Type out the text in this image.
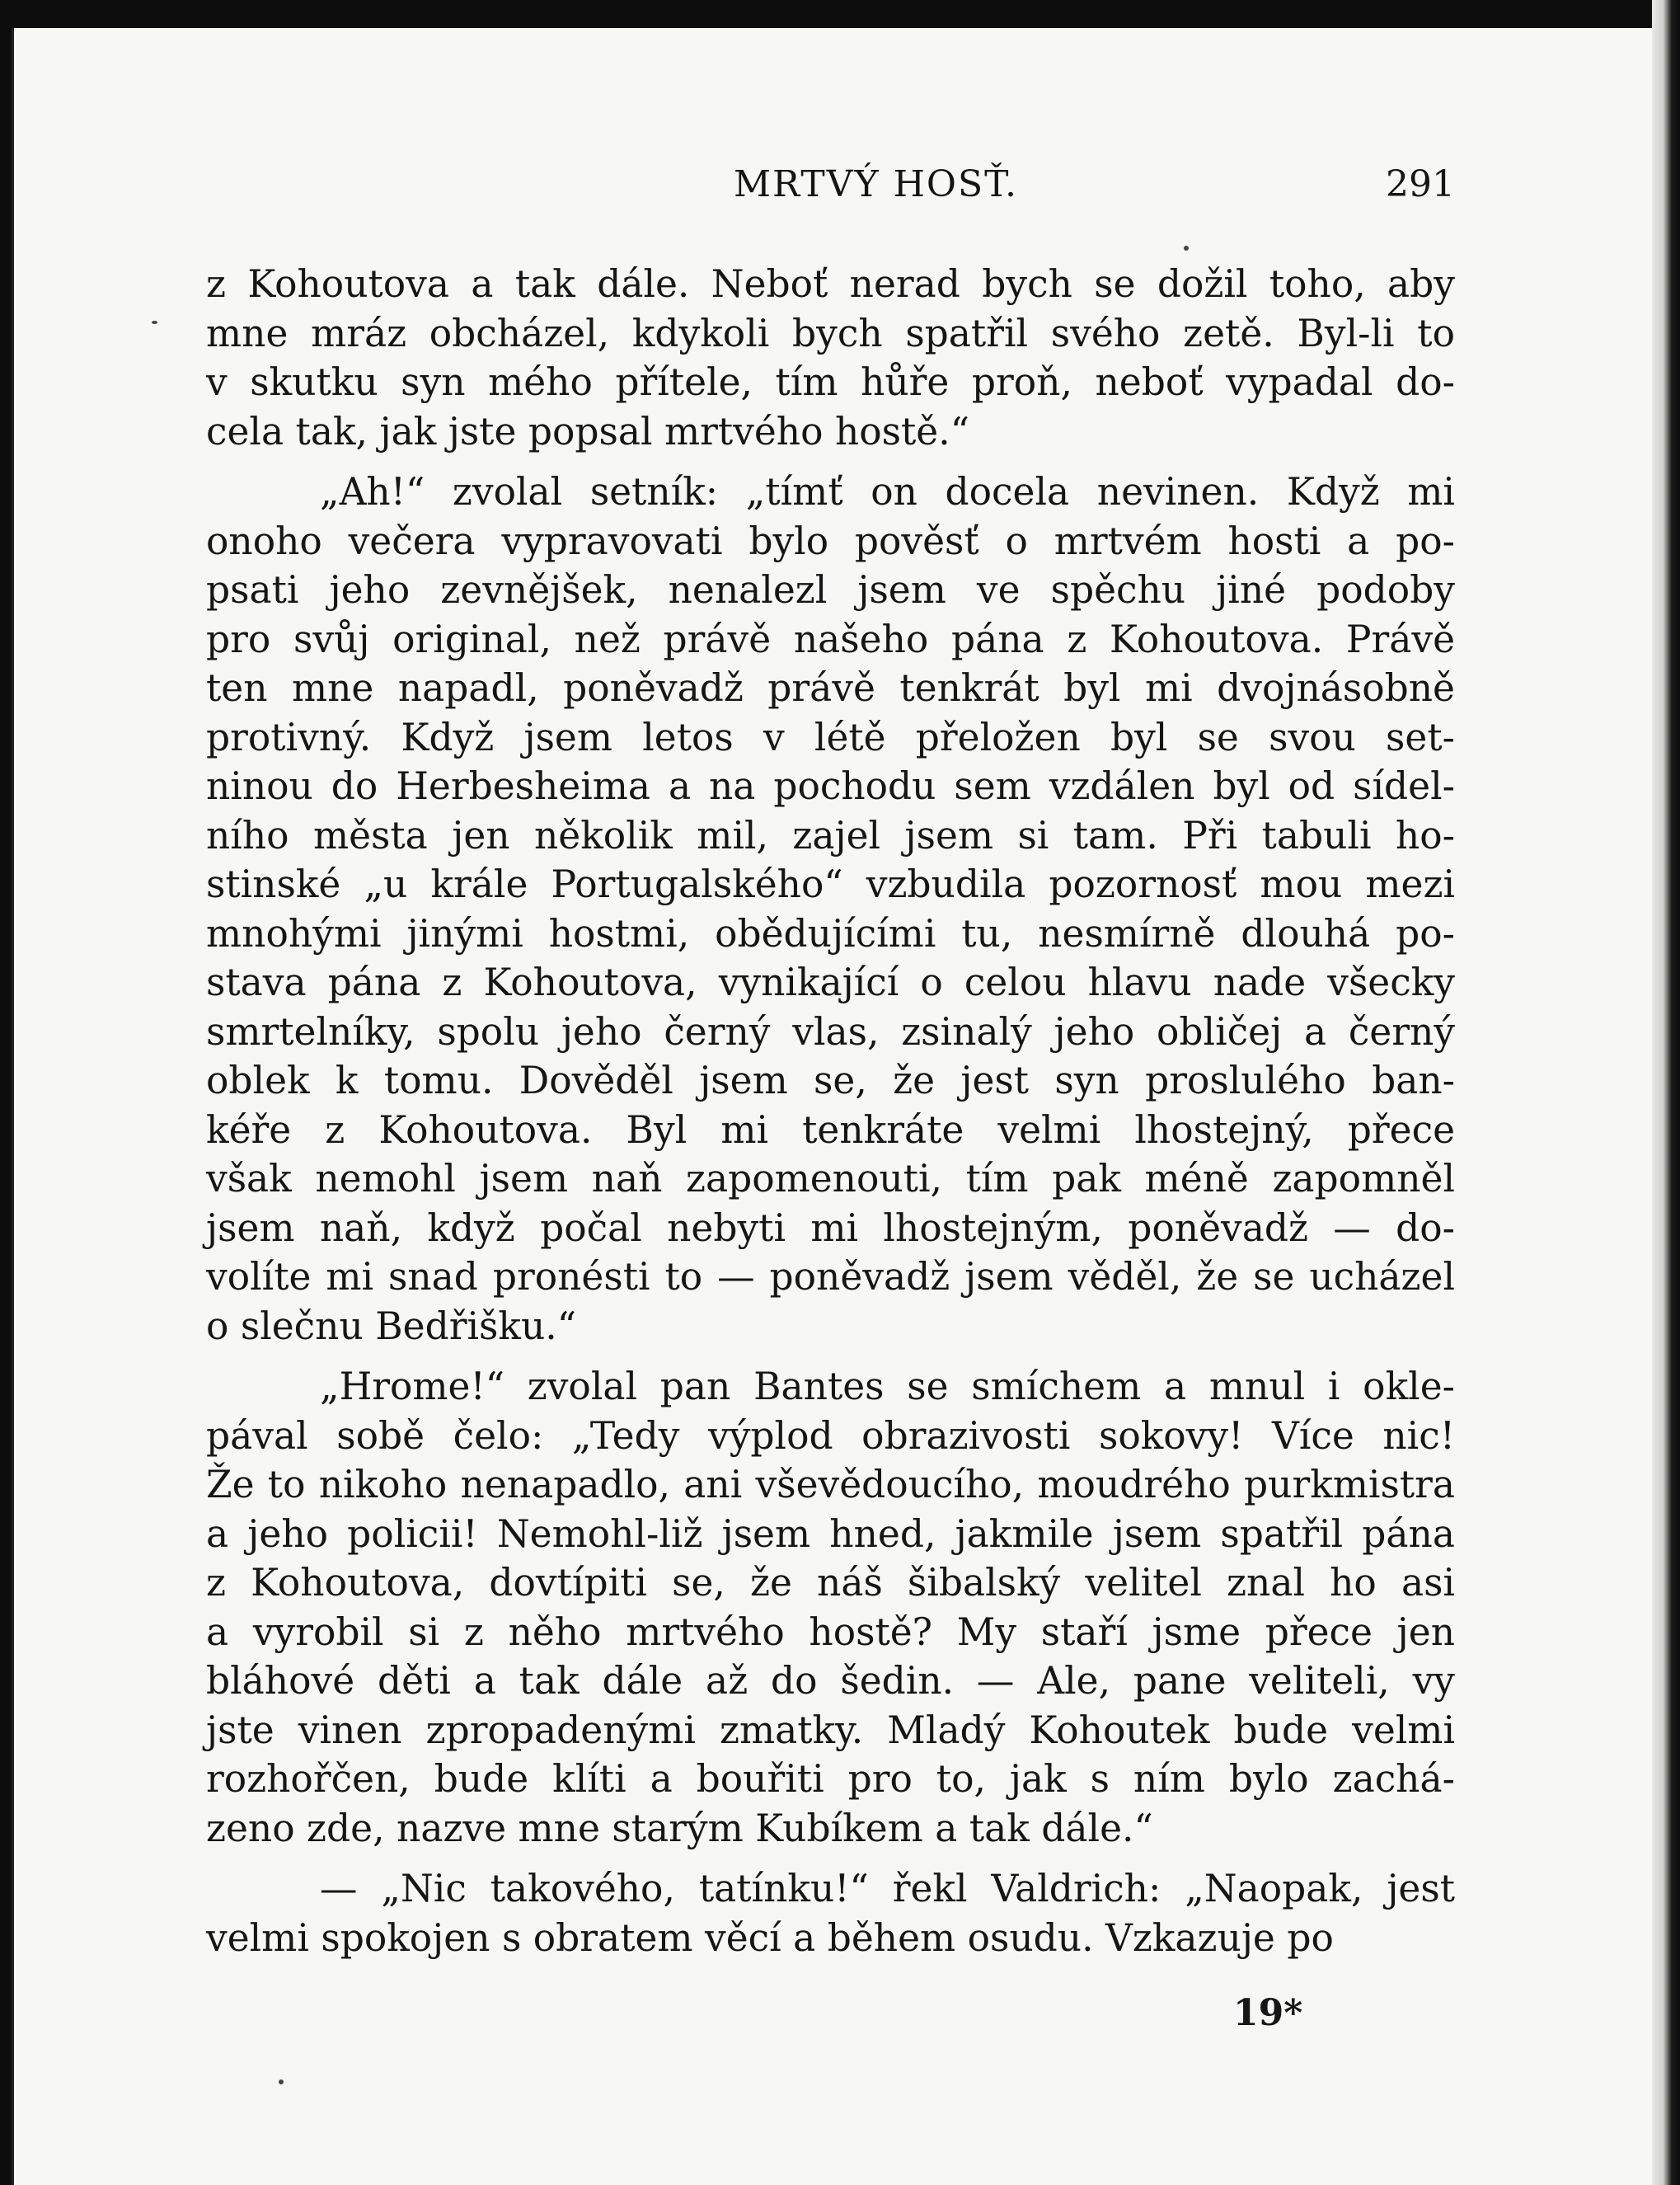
MRTVÝ HOSŤ.	291
z Kohoutova a tak dále. Neboť nerad bych se dožil toho, aby
mne mráz obcházel, kdykoli bych spatřil svého zetě. Byl-li to
v skutku syn mého přítele, tím hůře proň, neboť vypadal do-
cela tak, jak jste popsal mrtvého hostě.“
„Ah!“ zvolal setník: „tímť on docela nevinen. Když mi
onoho večera vypravovati bylo pověsť o mrtvém hosti a po-
psati jeho zevnějšek, nenalezl jsem ve spěchu jiné podoby
pro svůj original, než právě našeho pána z Kohoutova. Právě
ten mne napadl, poněvadž právě tenkrát byl mi dvojnásobně
protivný. Když jsem letos v létě přeložen byl se svou set-
ninou do Herbesheima a na pochodu sem vzdálen byl od sídel-
ního města jen několik mil, zajel jsem si tam. Při tabuli ho-
stinské „u krále Portugalského“ vzbudila pozornosť mou mezi
mnohými jinými hostmi, obědujícími tu, nesmírně dlouhá po-
stava pána z Kohoutova, vynikající o celou hlavu nade všecky
smrtelníky, spolu jeho černý vlas, zsinalý jeho obličej a černý
oblek k tomu. Dověděl jsem se, že jest syn proslulého ban-
kéře z Kohoutova. Byl mi tenkráte velmi lhostejný, přece
však nemohl jsem naň zapomenouti, tím pak méně zapomněl
jsem naň, když počal nebyti mi lhostejným, poněvadž — do-
volíte mi snad pronésti to — poněvadž jsem věděl, že se ucházel
o slečnu Bedřišku.“
„Hrome!“ zvolal pan Bantes se smíchem a mnul i okle-
pával sobě čelo: „Tedy výplod obrazivosti sokovy! Více nic!
Že to nikoho nenapadlo, ani vševědoucího, moudrého purkmistra
a jeho policii! Nemohl-liž jsem hned, jakmile jsem spatřil pána
z Kohoutova, dovtípiti se, že náš šibalský velitel znal ho asi
a vyrobil si z něho mrtvého hostě? My staří jsme přece jen
bláhové děti a tak dále až do šedin. — Ale, pane veliteli, vy
jste vinen zpropadenými zmatky. Mladý Kohoutek bude velmi
rozhořčen, bude klíti a bouřiti pro to, jak s ním bylo zachá-
zeno zde, nazve mne starým Kubíkem a tak dále.“
— „Nic takového, tatínku!“ řekl Valdrich: „Naopak, jest
velmi spokojen s obratem věcí a během osudu. Vzkazuje po
19*
